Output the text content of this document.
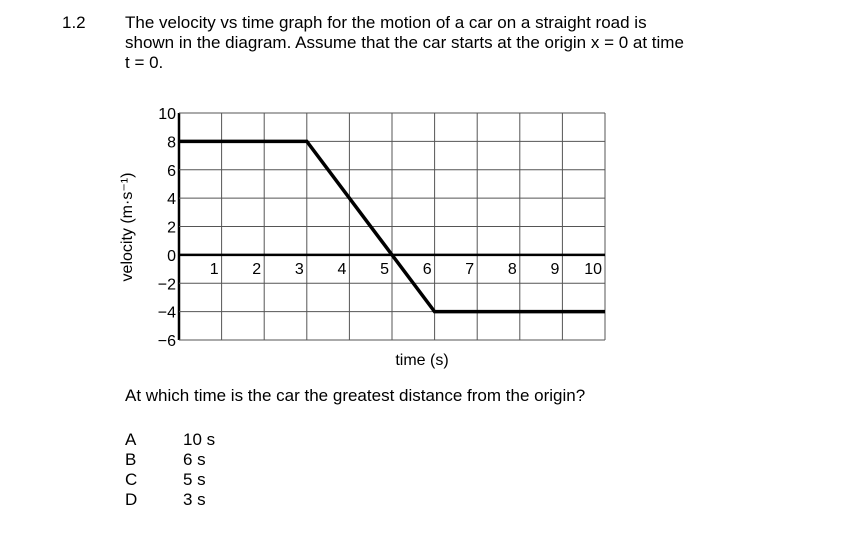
1.2 The velocity vs time graph for the motion of a car on a straight road is
shown in the diagram. Assume that the car starts at the origin x = 0 at time
t = 0.
1 2 3 4 5 6 7 8 9 10
10
8
6
4
2
0
−2
−4
−6
time (s)
velocity (m·s⁻¹)
At which time is the car the greatest distance from the origin?
A	10 s
B	6 s
C	5 s
D	3 s
